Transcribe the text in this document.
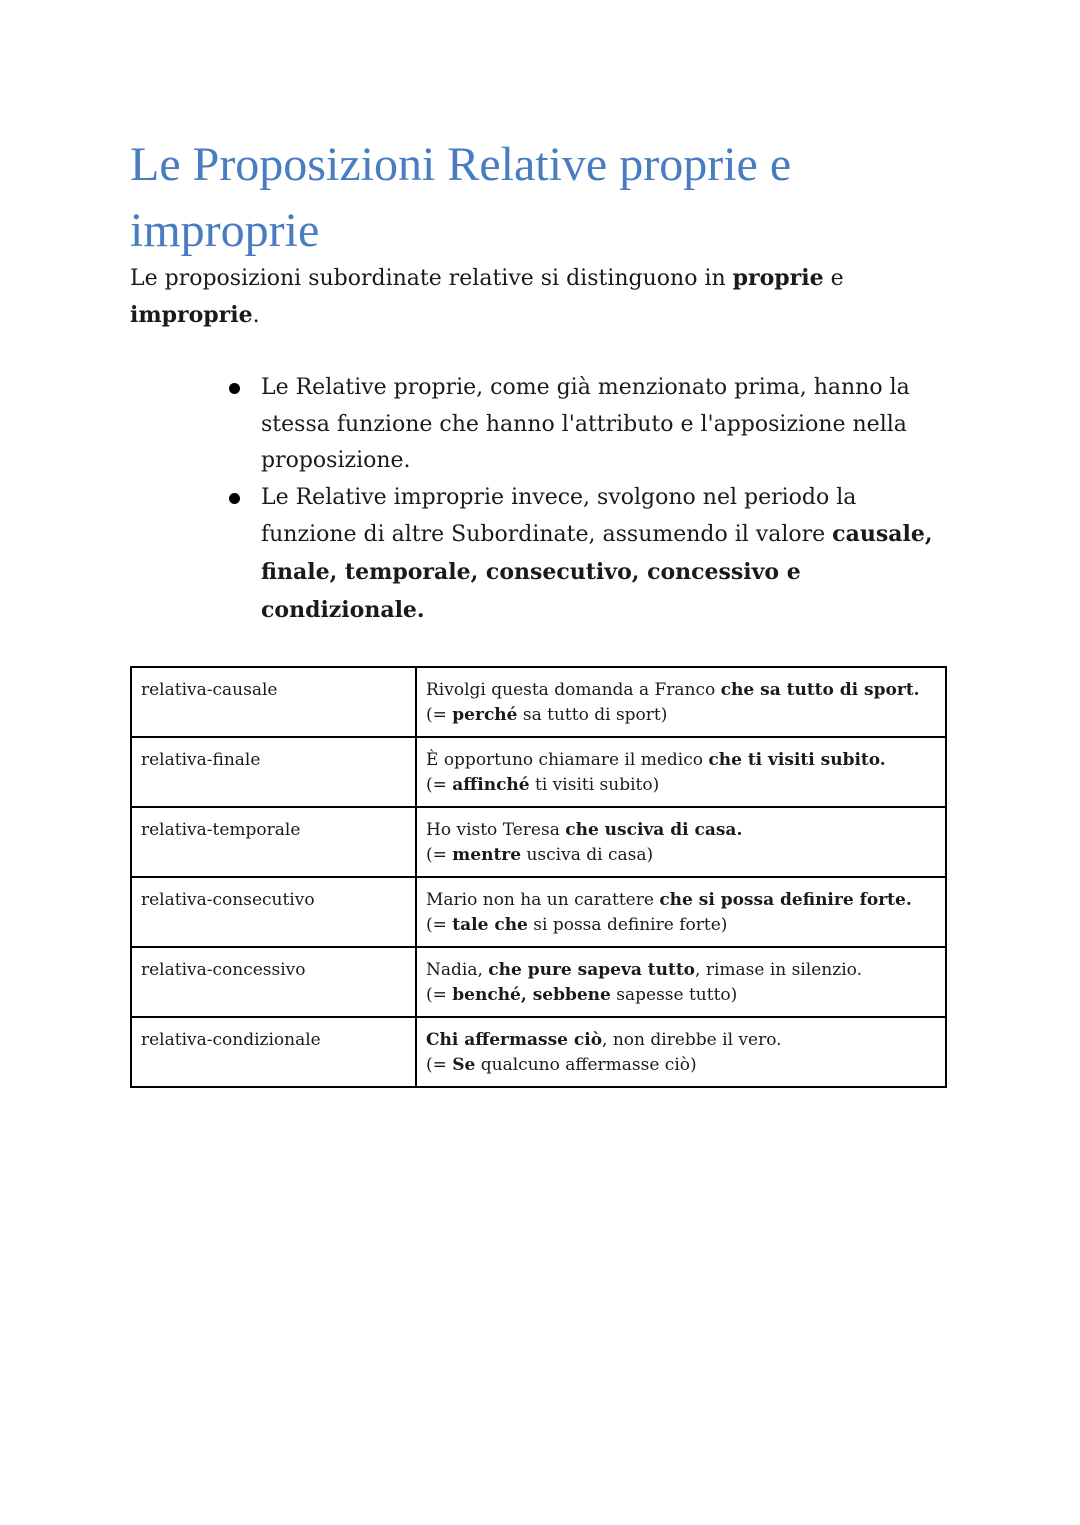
Le Proposizioni Relative proprie e improprie

Le proposizioni subordinate relative si distinguono in proprie e improprie.

Le Relative proprie, come già menzionato prima, hanno la stessa funzione che hanno l'attributo e l'apposizione nella proposizione.
Le Relative improprie invece, svolgono nel periodo la funzione di altre Subordinate, assumendo il valore causale, finale, temporale, consecutivo, concessivo e condizionale.
relativa-causale	Rivolgi questa domanda a Franco che sa tutto di sport.
(= perché sa tutto di sport)
relativa-finale	È opportuno chiamare il medico che ti visiti subito.
(= affinché ti visiti subito)
relativa-temporale	Ho visto Teresa che usciva di casa.
(= mentre usciva di casa)
relativa-consecutivo	Mario non ha un carattere che si possa definire forte.
(= tale che si possa definire forte)
relativa-concessivo	Nadia, che pure sapeva tutto, rimase in silenzio.
(= benché, sebbene sapesse tutto)
relativa-condizionale	Chi affermasse ciò, non direbbe il vero.
(= Se qualcuno affermasse ciò)
